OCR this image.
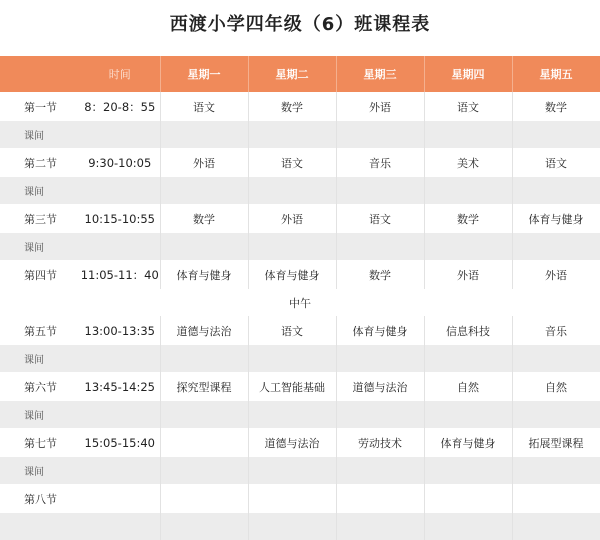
西渡小学四年级（6）班课程表
	时间	星期一	星期二	星期三	星期四	星期五
第一节	8：20-8：55	语文	数学	外语	语文	数学
课间						
第二节	9:30-10:05	外语	语文	音乐	美术	语文
课间						
第三节	10:15-10:55	数学	外语	语文	数学	体育与健身
课间						
第四节	11:05-11：40	体育与健身	体育与健身	数学	外语	外语
中午						
第五节	13:00-13:35	道德与法治	语文	体育与健身	信息科技	音乐
课间						
第六节	13:45-14:25	探究型课程	人工智能基础	道德与法治	自然	自然
课间						
第七节	15:05-15:40		道德与法治	劳动技术	体育与健身	拓展型课程
课间						
第八节						
